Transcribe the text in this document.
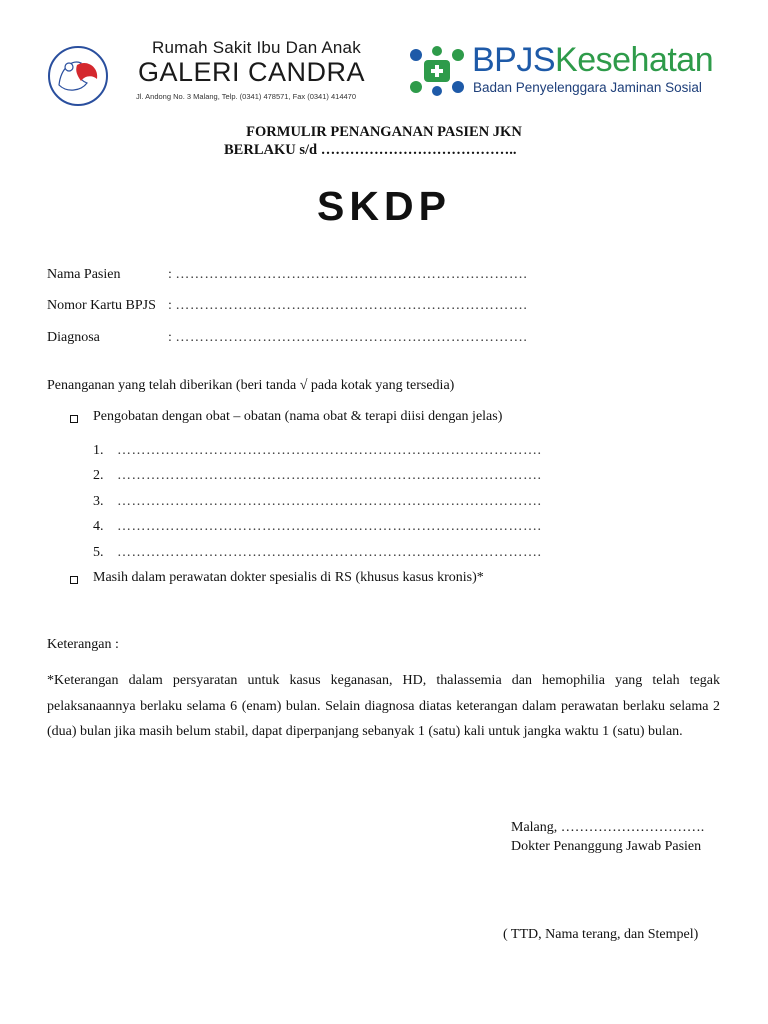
Rumah Sakit Ibu Dan Anak
GALERI CANDRA
Jl. Andong No. 3 Malang, Telp. (0341) 478571, Fax (0341) 414470
BPJSKesehatan
Badan Penyelenggara Jaminan Sosial
FORMULIR PENANGANAN PASIEN JKN
BERLAKU s/d …………………………………..
SKDP
Nama Pasien	: ……………………………………………………………….
Nomor Kartu BPJS : ……………………………………………………………….
Diagnosa	: ……………………………………………………………….
Penanganan yang telah diberikan (beri tanda √ pada kotak yang tersedia)
Pengobatan dengan obat – obatan (nama obat & terapi diisi dengan jelas)
1. …………………………………………………………………………….
2. …………………………………………………………………………….
3. …………………………………………………………………………….
4. …………………………………………………………………………….
5. …………………………………………………………………………….
Masih dalam perawatan dokter spesialis di RS (khusus kasus kronis)*
Keterangan :
*Keterangan dalam persyaratan untuk kasus keganasan, HD, thalassemia dan hemophilia yang telah tegak pelaksanaannya berlaku selama 6 (enam) bulan. Selain diagnosa diatas keterangan dalam perawatan berlaku selama 2 (dua) bulan jika masih belum stabil, dapat diperpanjang sebanyak 1 (satu) kali untuk jangka waktu 1 (satu) bulan.
Malang, ………………………….
Dokter Penanggung Jawab Pasien
( TTD, Nama terang, dan Stempel)
